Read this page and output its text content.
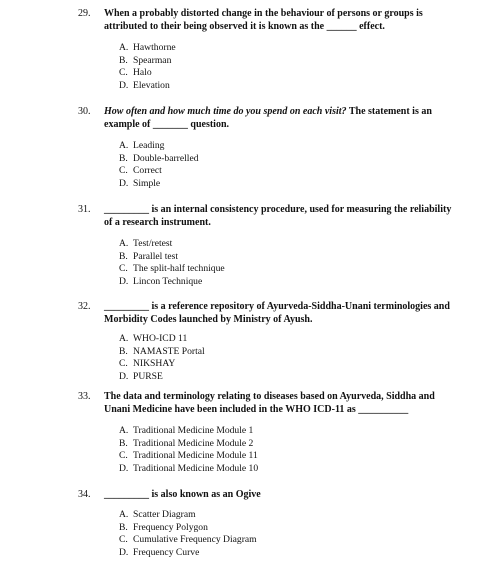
29. When a probably distorted change in the behaviour of persons or groups is
attributed to their being observed it is known as the ______ effect.
A. Hawthorne
B. Spearman
C. Halo
D. Elevation
30. How often and how much time do you spend on each visit? The statement is an
example of _______ question.
A. Leading
B. Double-barrelled
C. Correct
D. Simple
31. _________ is an internal consistency procedure, used for measuring the reliability
of a research instrument.
A. Test/retest
B. Parallel test
C. The split-half technique
D. Lincon Technique
32. _________ is a reference repository of Ayurveda-Siddha-Unani terminologies and
Morbidity Codes launched by Ministry of Ayush.
A. WHO-ICD 11
B. NAMASTE Portal
C. NIKSHAY
D. PURSE
33. The data and terminology relating to diseases based on Ayurveda, Siddha and
Unani Medicine have been included in the WHO ICD-11 as __________
A. Traditional Medicine Module 1
B. Traditional Medicine Module 2
C. Traditional Medicine Module 11
D. Traditional Medicine Module 10
34. _________ is also known as an Ogive
A. Scatter Diagram
B. Frequency Polygon
C. Cumulative Frequency Diagram
D. Frequency Curve
